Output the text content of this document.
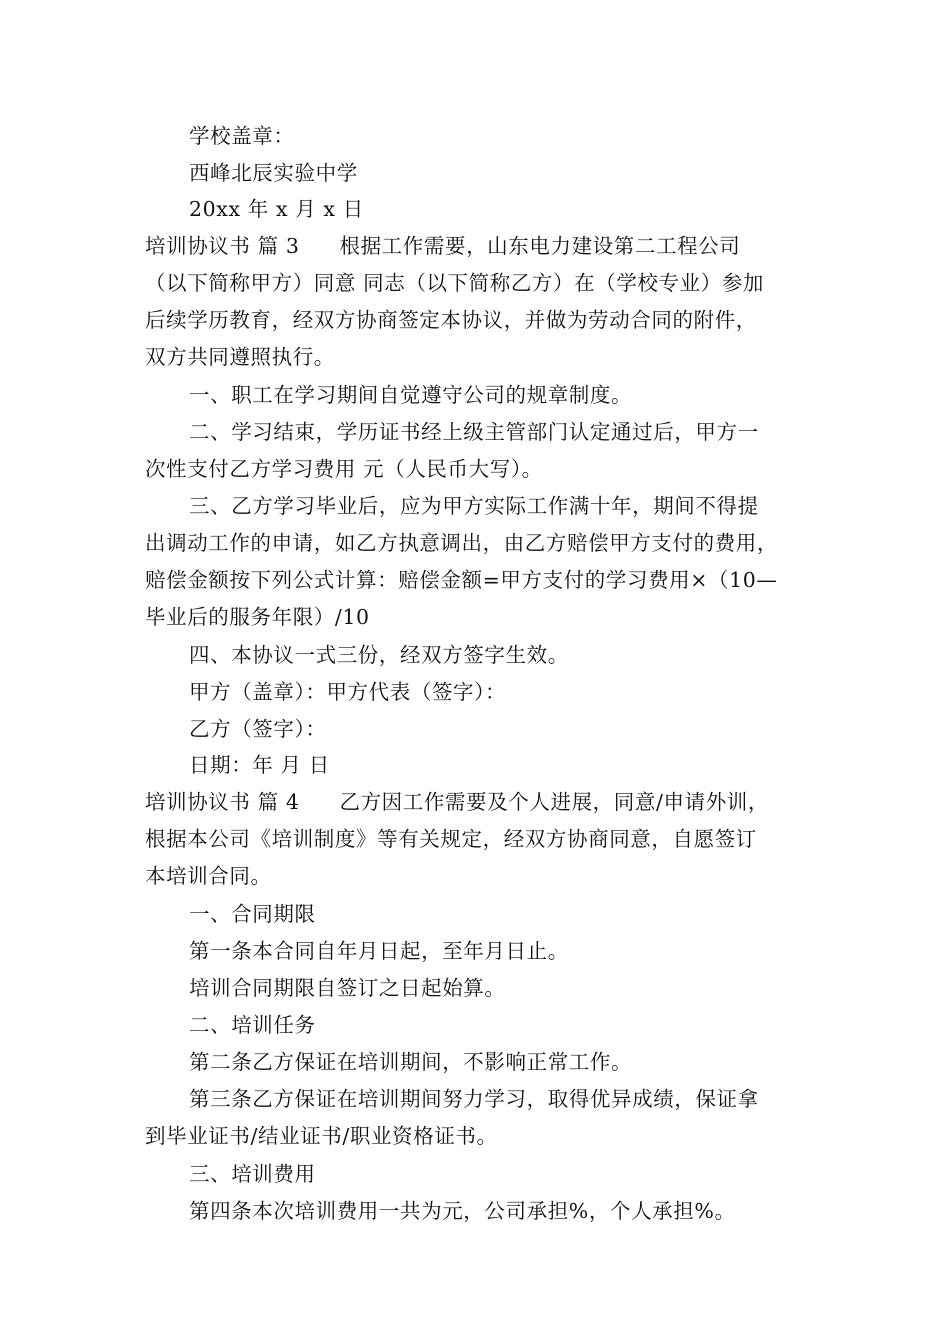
学校盖章：
西峰北辰实验中学
20xx 年 x 月 x 日
培训协议书 篇 3 根据工作需要，山东电力建设第二工程公司
（以下简称甲方）同意 同志（以下简称乙方）在（学校专业）参加
后续学历教育，经双方协商签定本协议，并做为劳动合同的附件，
双方共同遵照执行。
一、职工在学习期间自觉遵守公司的规章制度。
二、学习结束，学历证书经上级主管部门认定通过后，甲方一
次性支付乙方学习费用 元（人民币大写）。
三、乙方学习毕业后，应为甲方实际工作满十年，期间不得提
出调动工作的申请，如乙方执意调出，由乙方赔偿甲方支付的费用，
赔偿金额按下列公式计算：赔偿金额=甲方支付的学习费用×（10—
毕业后的服务年限）/10
四、本协议一式三份，经双方签字生效。
甲方（盖章）：甲方代表（签字）：
乙方（签字）：
日期：年 月 日
培训协议书 篇 4 乙方因工作需要及个人进展，同意/申请外训，
根据本公司《培训制度》等有关规定，经双方协商同意，自愿签订
本培训合同。
一、合同期限
第一条本合同自年月日起，至年月日止。
培训合同期限自签订之日起始算。
二、培训任务
第二条乙方保证在培训期间，不影响正常工作。
第三条乙方保证在培训期间努力学习，取得优异成绩，保证拿
到毕业证书/结业证书/职业资格证书。
三、培训费用
第四条本次培训费用一共为元，公司承担%，个人承担%。
